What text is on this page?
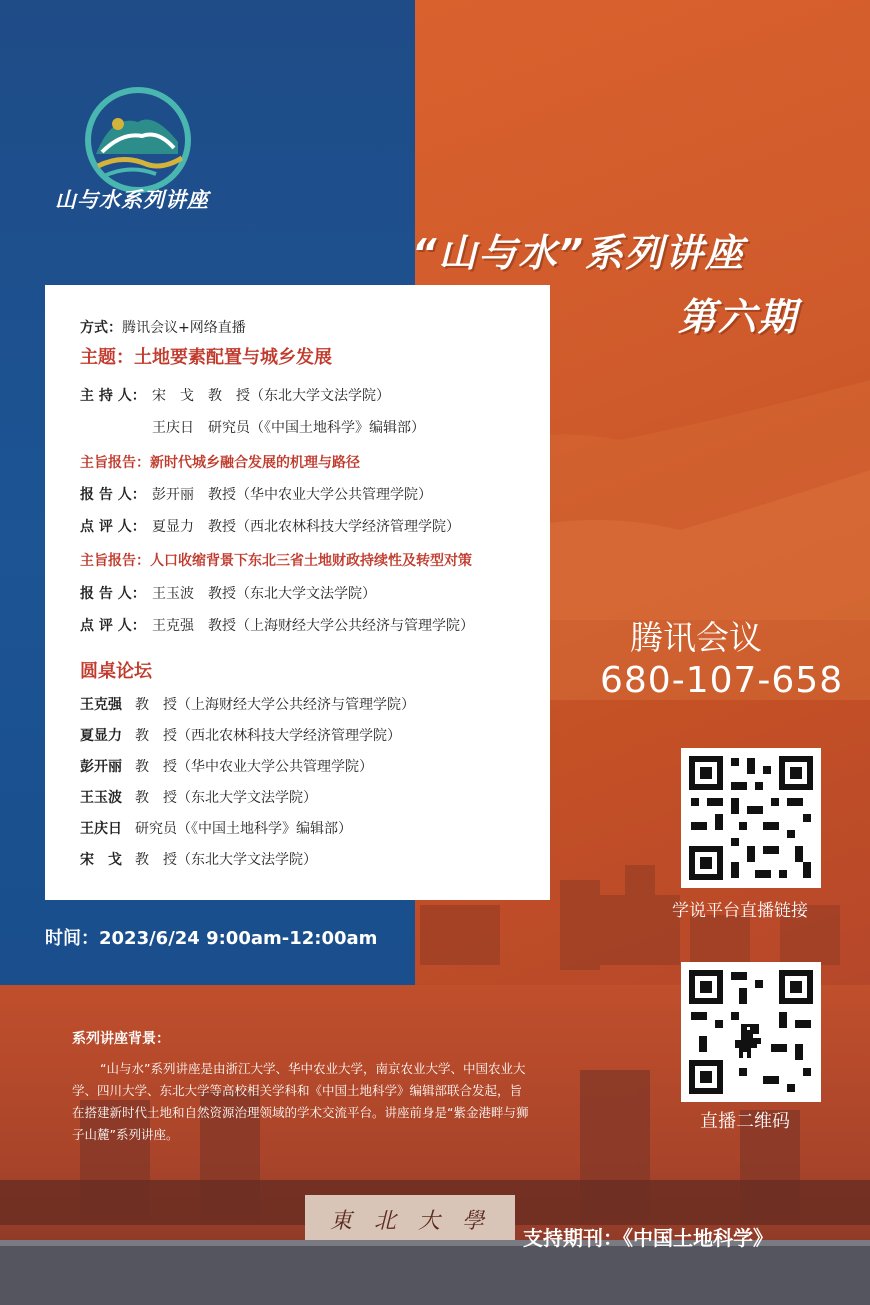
東　北　大　學
山与水系列讲座
“山与水”系列讲座
第六期
方式：腾讯会议+网络直播
主题：土地要素配置与城乡发展
主 持 人： 宋　戈　教　授（东北大学文法学院）
王庆日　研究员（《中国土地科学》编辑部）
主旨报告：新时代城乡融合发展的机理与路径
报 告 人： 彭开丽　教授（华中农业大学公共管理学院）
点 评 人： 夏显力　教授（西北农林科技大学经济管理学院）
主旨报告：人口收缩背景下东北三省土地财政持续性及转型对策
报 告 人： 王玉波　教授（东北大学文法学院）
点 评 人： 王克强　教授（上海财经大学公共经济与管理学院）
圆桌论坛
王克强 教　授（上海财经大学公共经济与管理学院）
夏显力 教　授（西北农林科技大学经济管理学院）
彭开丽 教　授（华中农业大学公共管理学院）
王玉波 教　授（东北大学文法学院）
王庆日 研究员（《中国土地科学》编辑部）
宋　戈 教　授（东北大学文法学院）
时间：2023/6/24 9:00am-12:00am
腾讯会议
680-107-658
学说平台直播链接
直播二维码
系列讲座背景：
“山与水”系列讲座是由浙江大学、华中农业大学，南京农业大学、中国农业大学、四川大学、东北大学等高校相关学科和《中国土地科学》编辑部联合发起，旨在搭建新时代土地和自然资源治理领域的学术交流平台。讲座前身是“紫金港畔与狮子山麓”系列讲座。
支持期刊：《中国土地科学》
